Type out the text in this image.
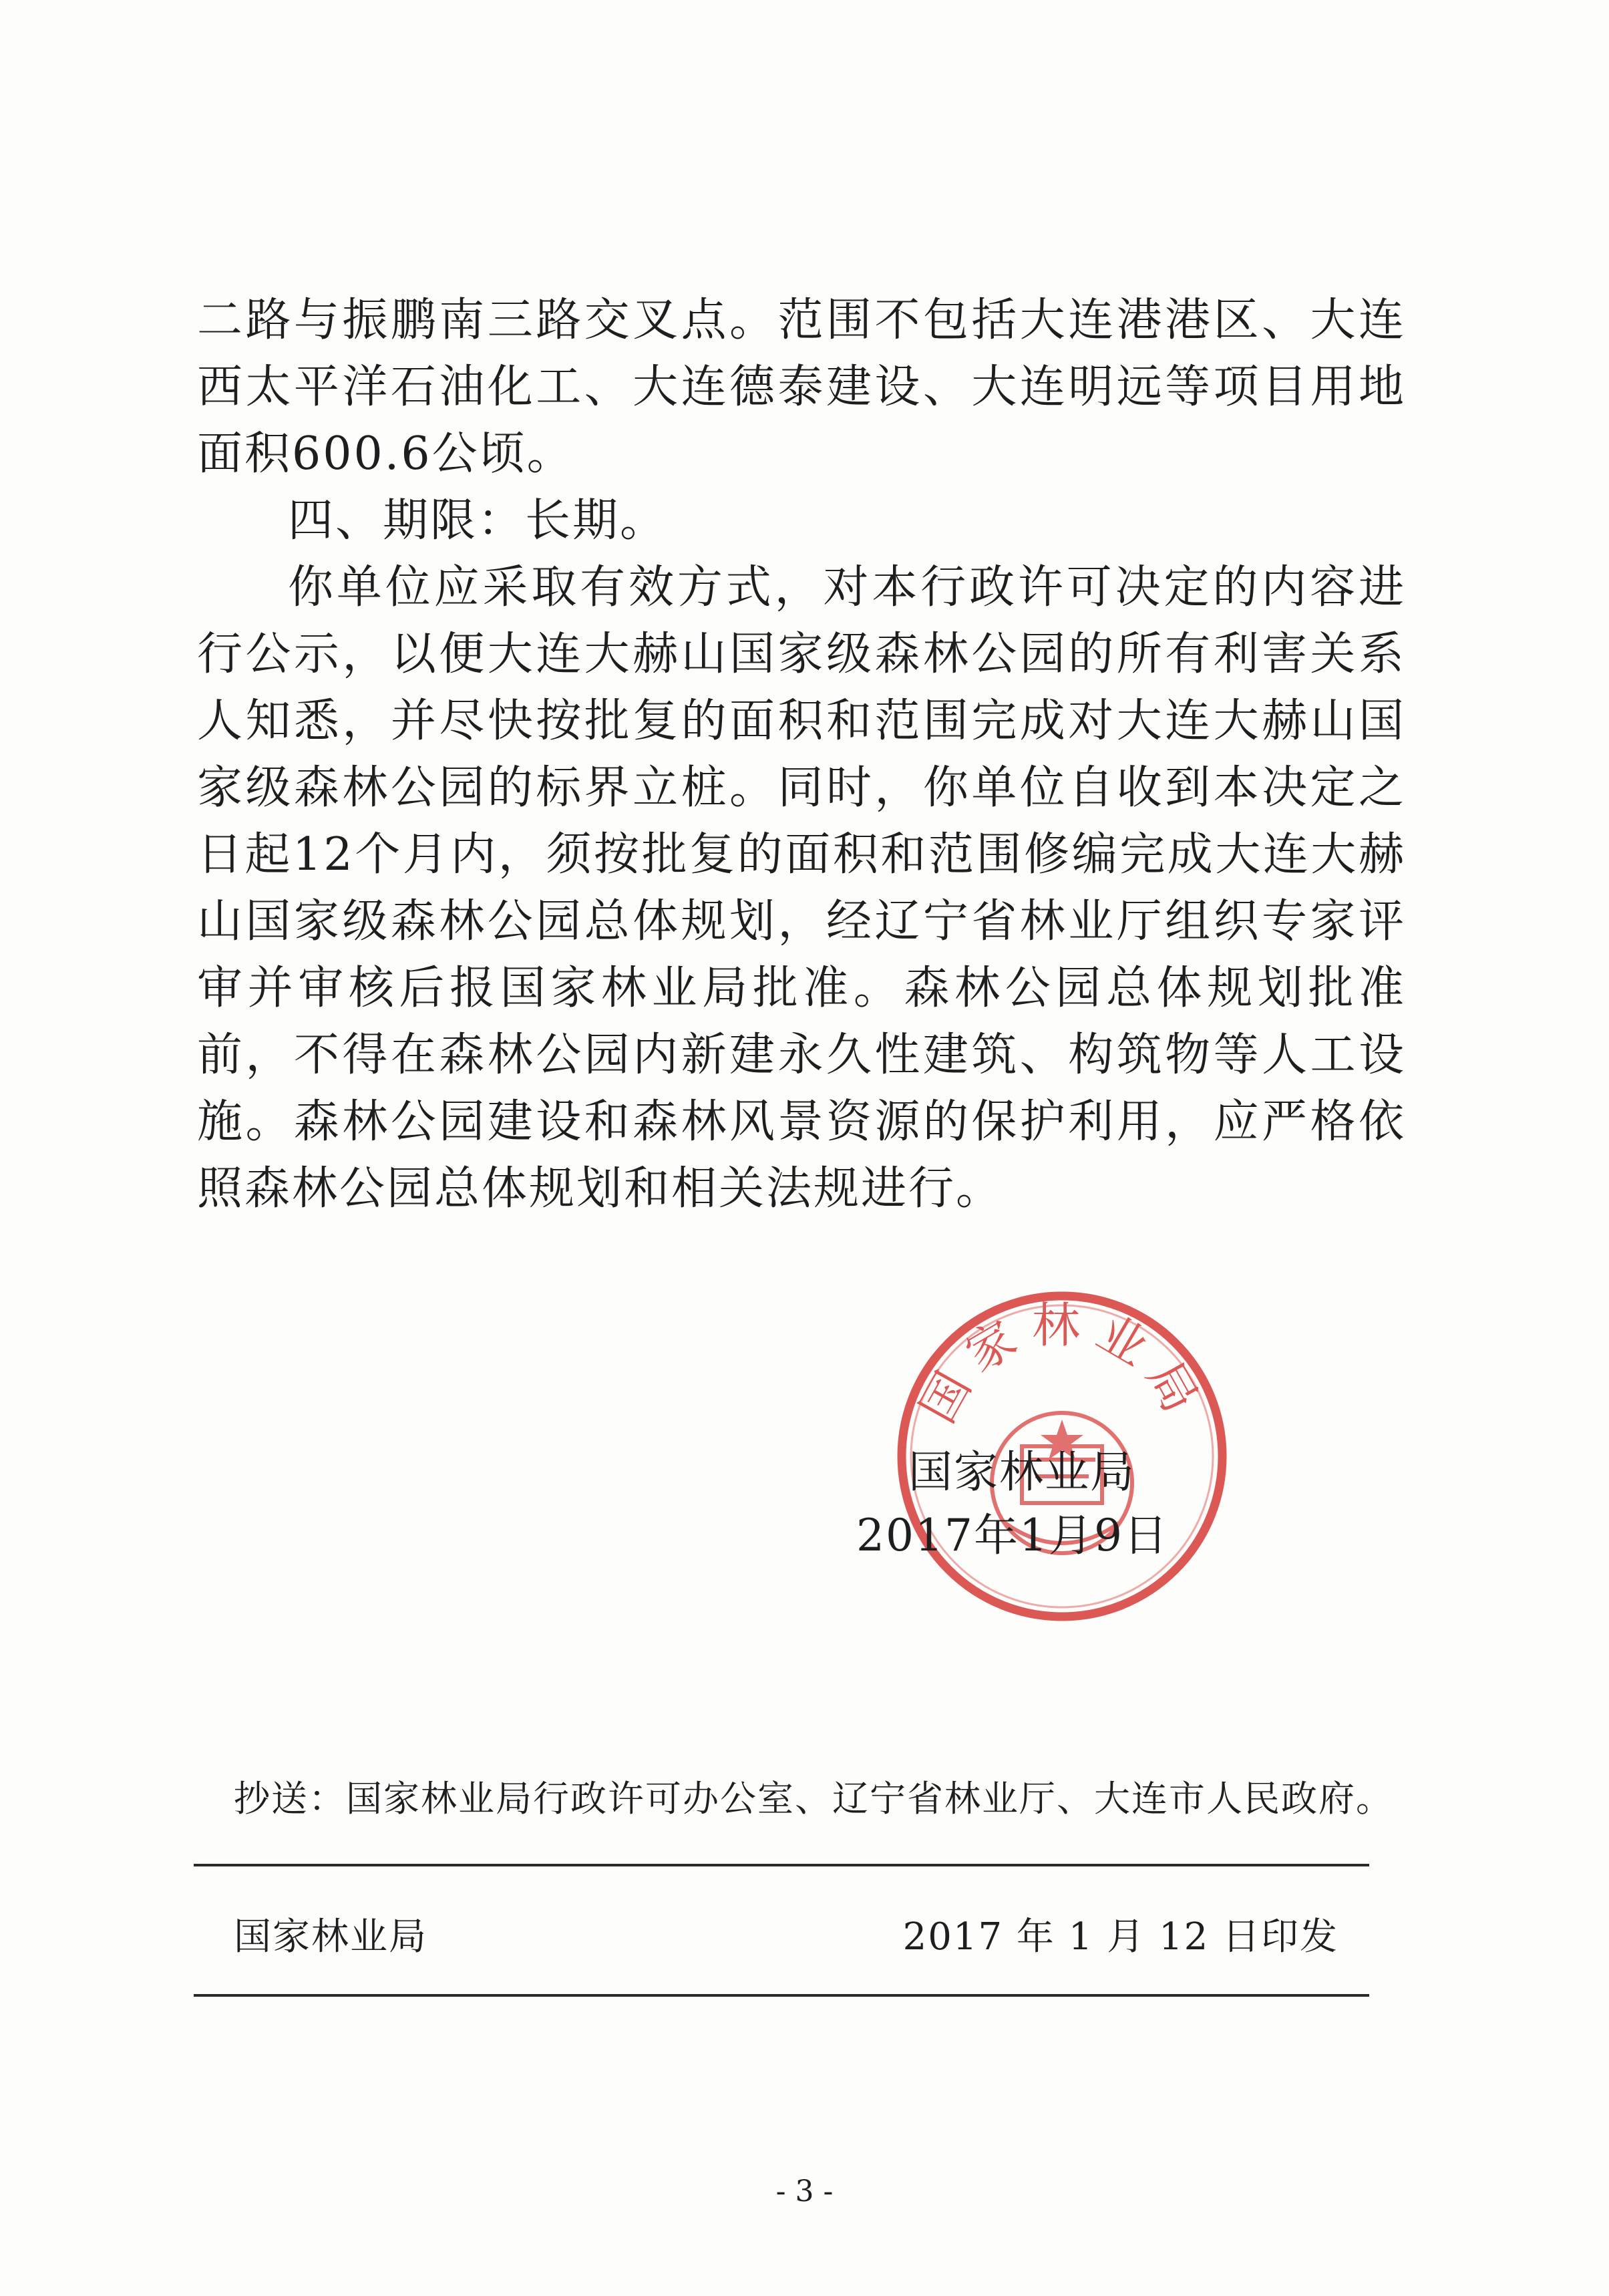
二路与振鹏南三路交叉点。范围不包括大连港港区、大连西太平洋石油化工、大连德泰建设、大连明远等项目用地面积600.6公顷。

四、期限：长期。

你单位应采取有效方式，对本行政许可决定的内容进行公示，以便大连大赫山国家级森林公园的所有利害关系人知悉，并尽快按批复的面积和范围完成对大连大赫山国家级森林公园的标界立桩。同时，你单位自收到本决定之日起12个月内，须按批复的面积和范围修编完成大连大赫山国家级森林公园总体规划，经辽宁省林业厅组织专家评审并审核后报国家林业局批准。森林公园总体规划批准前，不得在森林公园内新建永久性建筑、构筑物等人工设施。森林公园建设和森林风景资源的保护利用，应严格依照森林公园总体规划和相关法规进行。

国家林业局
国家林业局
2017年1月9日
抄送：国家林业局行政许可办公室、辽宁省林业厅、大连市人民政府。
国家林业局	2017 年 1 月 12 日印发
- 3 -
